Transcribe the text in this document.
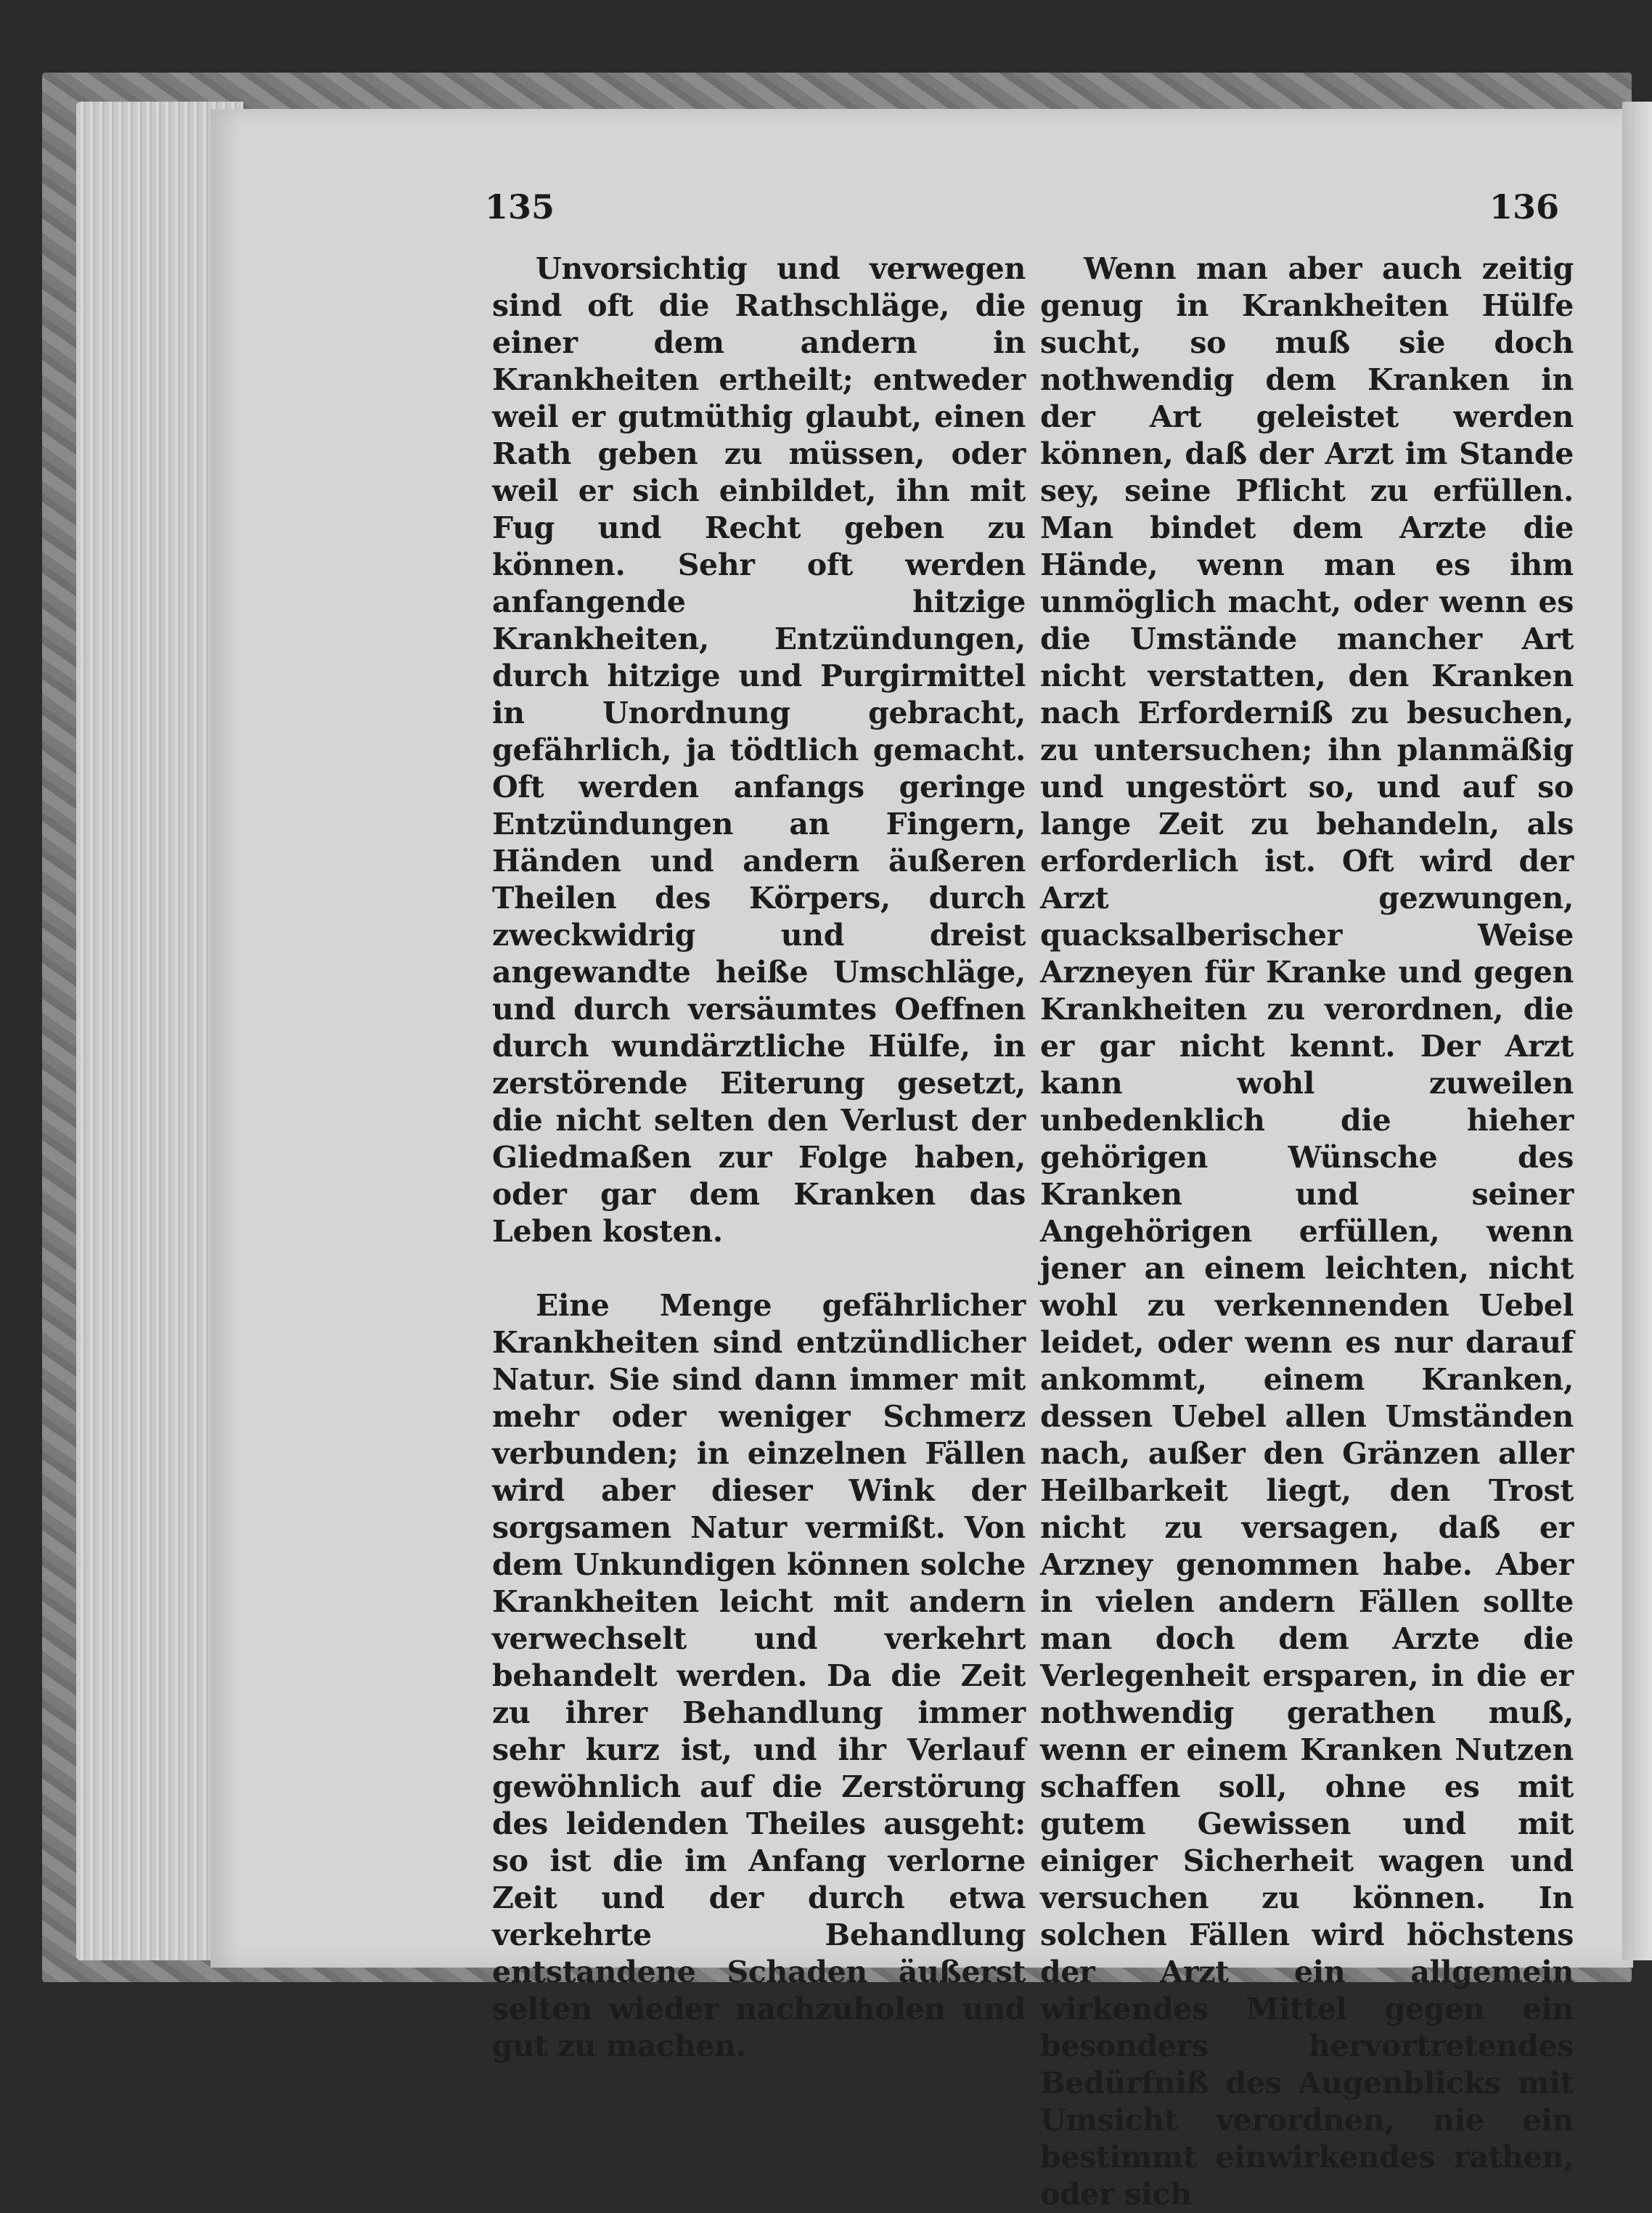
135	136

Unvorsichtig und verwegen sind oft die Rathschläge, die einer dem andern in Krankheiten ertheilt; entweder weil er gutmüthig glaubt, einen Rath geben zu müssen, oder weil er sich einbildet, ihn mit Fug und Recht geben zu können. Sehr oft werden anfangende hitzige Krankheiten, Entzündungen, durch hitzige und Purgirmittel in Unordnung gebracht, gefährlich, ja tödtlich gemacht. Oft werden anfangs geringe Entzündungen an Fingern, Händen und andern äußeren Theilen des Körpers, durch zweckwidrig und dreist angewandte heiße Umschläge, und durch versäumtes Oeffnen durch wundärztliche Hülfe, in zerstörende Eiterung gesetzt, die nicht selten den Verlust der Gliedmaßen zur Folge haben, oder gar dem Kranken das Leben kosten.

Eine Menge gefährlicher Krankheiten sind entzündlicher Natur. Sie sind dann immer mit mehr oder weniger Schmerz verbunden; in einzelnen Fällen wird aber dieser Wink der sorgsamen Natur vermißt. Von dem Unkundigen können solche Krankheiten leicht mit andern verwechselt und verkehrt behandelt werden. Da die Zeit zu ihrer Behandlung immer sehr kurz ist, und ihr Verlauf gewöhnlich auf die Zerstörung des leidenden Theiles ausgeht: so ist die im Anfang verlorne Zeit und der durch etwa verkehrte Behandlung entstandene Schaden äußerst selten wieder nachzuholen und gut zu machen.

Wenn man aber auch zeitig genug in Krankheiten Hülfe sucht, so muß sie doch nothwendig dem Kranken in der Art geleistet werden können, daß der Arzt im Stande sey, seine Pflicht zu erfüllen. Man bindet dem Arzte die Hände, wenn man es ihm unmöglich macht, oder wenn es die Umstände mancher Art nicht verstatten, den Kranken nach Erforderniß zu besuchen, zu untersuchen; ihn planmäßig und ungestört so, und auf so lange Zeit zu behandeln, als erforderlich ist. Oft wird der Arzt gezwungen, quacksalberischer Weise Arzneyen für Kranke und gegen Krankheiten zu verordnen, die er gar nicht kennt. Der Arzt kann wohl zuweilen unbedenklich die hieher gehörigen Wünsche des Kranken und seiner Angehörigen erfüllen, wenn jener an einem leichten, nicht wohl zu verkennenden Uebel leidet, oder wenn es nur darauf ankommt, einem Kranken, dessen Uebel allen Umständen nach, außer den Gränzen aller Heilbarkeit liegt, den Trost nicht zu versagen, daß er Arzney genommen habe. Aber in vielen andern Fällen sollte man doch dem Arzte die Verlegenheit ersparen, in die er nothwendig gerathen muß, wenn er einem Kranken Nutzen schaffen soll, ohne es mit gutem Gewissen und mit einiger Sicherheit wagen und versuchen zu können. In solchen Fällen wird höchstens der Arzt ein allgemein wirkendes Mittel gegen ein besonders hervortretendes Bedürfniß des Augenblicks mit Umsicht verordnen, nie ein bestimmt einwirkendes rathen, oder sich
